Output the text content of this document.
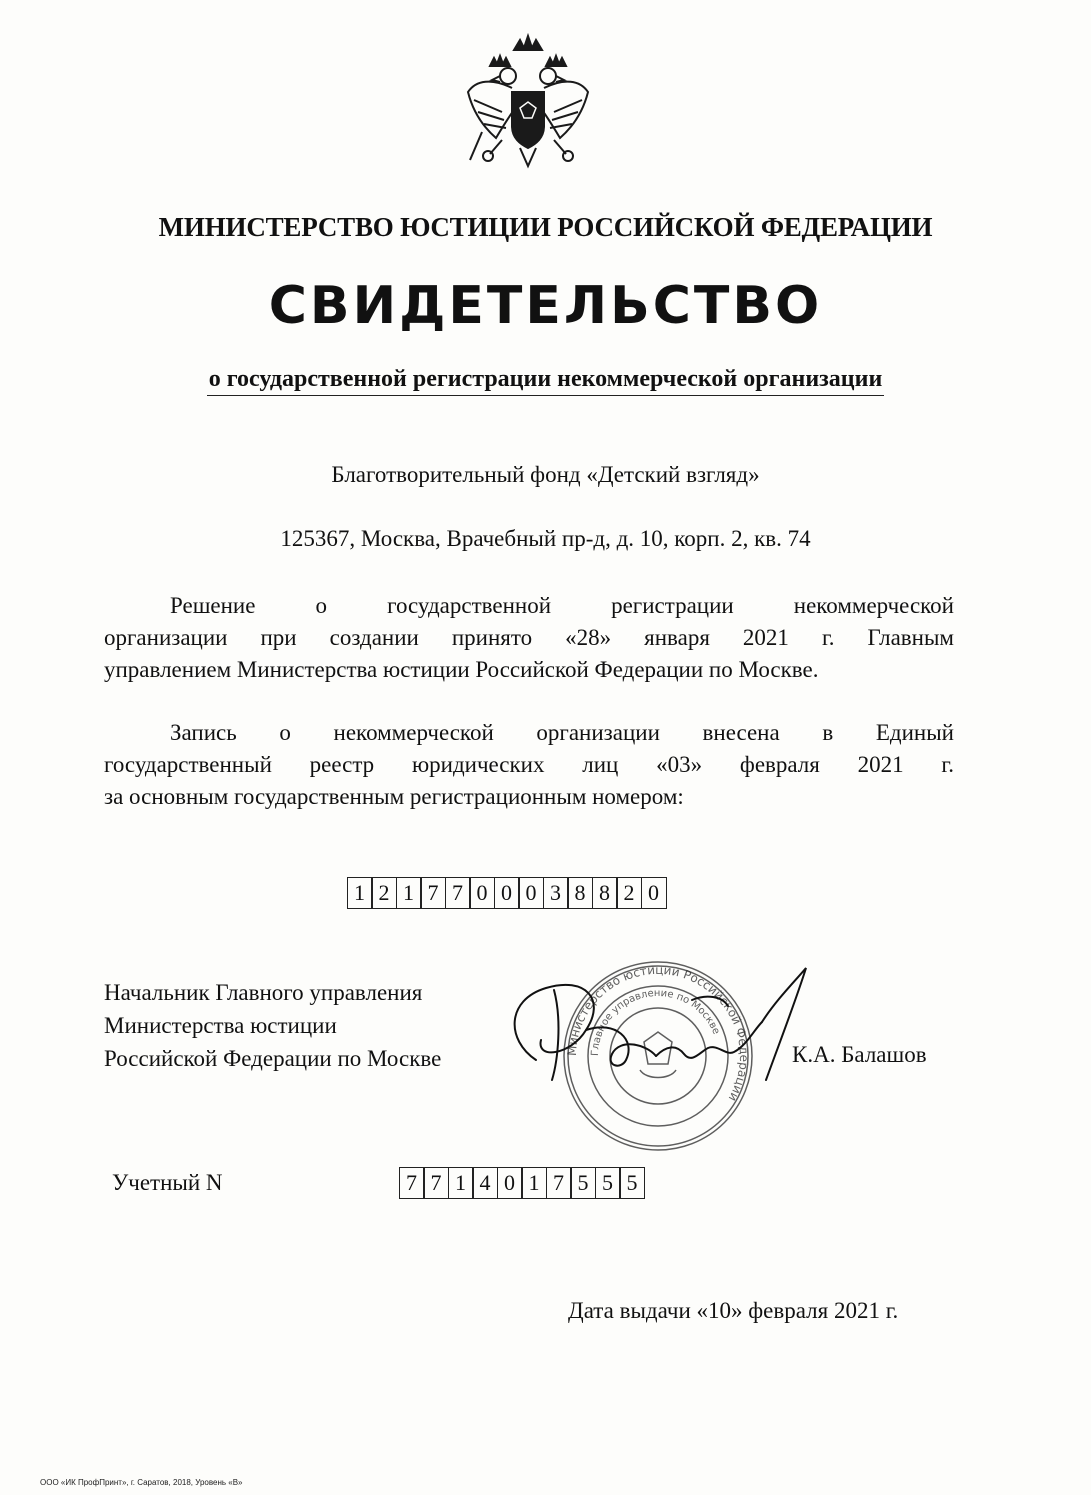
МИНИСТЕРСТВО ЮСТИЦИИ РОССИЙСКОЙ ФЕДЕРАЦИИ
СВИДЕТЕЛЬСТВО
о государственной регистрации некоммерческой организации
Благотворительный фонд «Детский взгляд»
125367, Москва, Врачебный пр-д, д. 10, корп. 2, кв. 74
Решение о государственной регистрации некоммерческой
организации при создании принято «28» января 2021 г. Главным
управлением Министерства юстиции Российской Федерации по Москве.
Запись о некоммерческой организации внесена в Единый
государственный реестр юридических лиц «03» февраля 2021 г.
за основным государственным регистрационным номером:
1 2 1 7 7 0 0 0 3 8 8 2 0
Начальник Главного управления
Министерства юстиции
Российской Федерации по Москве	Министерство юстиции Российской Федерации
Главное управление по Москве
К.А. Балашов
Учетный N	7 7 1 4 0 1 7 5 5 5
Дата выдачи «10» февраля 2021 г.
ООО «ИК ПрофПринт», г. Саратов, 2018, Уровень «В»
